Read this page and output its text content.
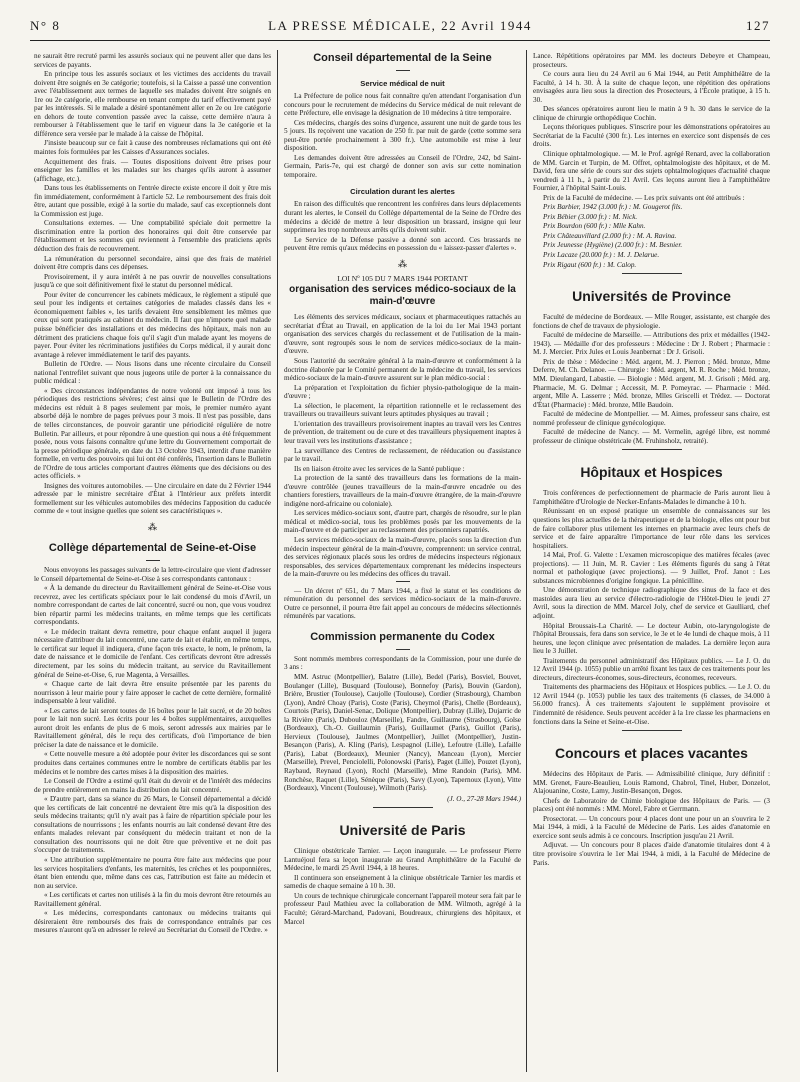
N° 8	LA PRESSE MÉDICALE, 22 Avril 1944	127

ne saurait être recruté parmi les assurés sociaux qui ne peuvent aller que dans les services de payants.

En principe tous les assurés sociaux et les victimes des accidents du travail doivent être soignés en 3e catégorie; toutefois, si la Caisse a passé une convention avec l'établissement aux termes de laquelle ses malades doivent être soignés en 1re ou 2e catégorie, elle rembourse en tenant compte du tarif effectivement payé par les intéressés. Si le malade a désiré spontanément aller en 2e ou 1re catégorie en dehors de toute convention passée avec la caisse, cette dernière n'aura à rembourser à l'établissement que le tarif en vigueur dans la 3e catégorie et la différence sera versée par le malade à la caisse de l'hôpital.

J'insiste beaucoup sur ce fait à cause des nombreuses réclamations qui ont été maintes fois formulées par les Caisses d'Assurances sociales.

Acquittement des frais. — Toutes dispositions doivent être prises pour enseigner les familles et les malades sur les charges qu'ils auront à assumer (affichage, etc.).

Dans tous les établissements on l'entrée directe existe encore il doit y être mis fin immédiatement, conformément à l'article 52. Le remboursement des frais doit être, autant que possible, exigé à la sortie du malade, sauf cas exceptionnels dont la Commission est juge.

Consultations externes. — Une comptabilité spéciale doit permettre la discrimination entre la portion des honoraires qui doit être conservée par l'établissement et les sommes qui reviennent à l'ensemble des praticiens après déduction des frais de recouvrement.

La rémunération du personnel secondaire, ainsi que des frais de matériel doivent être compris dans ces dépenses.

Provisoirement, il y aura intérêt à ne pas ouvrir de nouvelles consultations jusqu'à ce que soit définitivement fixé le statut du personnel médical.

Pour éviter de concurrencer les cabinets médicaux, le règlement a stipulé que seul pour les indigents et certaines catégories de malades classés dans les « économiquement faibles », les tarifs devaient être sensiblement les mêmes que ceux qui sont pratiqués au cabinet du médecin. Il faut que n'importe quel malade puisse bénéficier des installations et des médecins des hôpitaux, mais non au détriment des praticiens chaque fois qu'il s'agit d'un malade ayant les moyens de payer. Pour éviter les récriminations justifiées du Corps médical, il y aurait donc avantage à relever immédiatement le tarif des payants.

Bulletin de l'Ordre. — Nous lisons dans une récente circulaire du Conseil national l'entrefilet suivant que nous jugeons utile de porter à la connaissance du public médical :

« Des circonstances indépendantes de notre volonté ont imposé à tous les périodiques des restrictions sévères; c'est ainsi que le Bulletin de l'Ordre des médecins est réduit à 8 pages seulement par mois, le premier numéro ayant absorbé déjà le nombre de pages prévues pour 3 mois. Il n'est pas possible, dans de telles circonstances, de pouvoir garantir une périodicité régulière de notre Bulletin. Par ailleurs, et pour répondre à une question qui nous a été fréquemment posée, nous vous faisons connaître qu'une lettre du Gouvernement comportait de la presse périodique générale, en date du 13 Octobre 1943, interdit d'une manière formelle, en vertu des pouvoirs qui lui ont été conférés, l'insertion dans le Bulletin de l'Ordre de tous articles comportant d'autres éléments que des décisions ou des actes officiels. »

Insignes des voitures automobiles. — Une circulaire en date du 2 Février 1944 adressée par le ministre secrétaire d'État à l'Intérieur aux préfets interdit formellement sur les véhicules automobiles des médecins l'apposition du caducée comme de « tout insigne quelles que soient ses caractéristiques ».

⁂
Collège départemental de Seine-et-Oise

Nous envoyons les passages suivants de la lettre-circulaire que vient d'adresser le Conseil départemental de Seine-et-Oise à ses correspondants cantonaux :

« À la demande du directeur du Ravitaillement général de Seine-et-Oise vous recevrez, avec les certificats spéciaux pour le lait condensé du mois d'Avril, un nombre correspondant de cartes de lait concentré, sucré ou non, que vous voudrez bien répartir parmi les médecins traitants, en même temps que les certificats correspondants.

« Le médecin traitant devra remettre, pour chaque enfant auquel il jugera nécessaire d'attribuer du lait concentré, une carte de lait et établir, en même temps, le certificat sur lequel il indiquera, d'une façon très exacte, le nom, le prénom, la date de naissance et le domicile de l'enfant. Ces certificats devront être adressés directement, par les soins du médecin traitant, au service du Ravitaillement général de Seine-et-Oise, 6, rue Magenta, à Versailles.

« Chaque carte de lait devra être ensuite présentée par les parents du nourrisson à leur mairie pour y faire apposer le cachet de cette dernière, formalité indispensable à leur validité.

« Les cartes de lait seront toutes de 16 boîtes pour le lait sucré, et de 20 boîtes pour le lait non sucré. Les écrits pour les 4 boîtes supplémentaires, auxquelles auront droit les enfants de plus de 6 mois, seront adressés aux mairies par le Ravitaillement général, dès le reçu des certificats, d'où l'importance de bien préciser la date de naissance et le domicile.

« Cette nouvelle mesure a été adoptée pour éviter les discordances qui se sont produites dans certaines communes entre le nombre de certificats établis par les médecins et le nombre des cartes mises à la disposition des mairies.

Le Conseil de l'Ordre a estimé qu'il était du devoir et de l'intérêt des médecins de prendre entièrement en mains la distribution du lait concentré.

« D'autre part, dans sa séance du 26 Mars, le Conseil départemental a décidé que les certificats de lait concentré ne devraient être mis qu'à la disposition des seuls médecins traitants; qu'il n'y avait pas à faire de répartition spéciale pour les consultations de nourrissons ; les enfants nourris au lait condensé devant être des enfants malades relevant par conséquent du médecin traitant et non de la consultation des nourrissons qui ne doit être que préventive et ne doit pas s'occuper de traitements.

« Une attribution supplémentaire ne pourra être faite aux médecins que pour les services hospitaliers d'enfants, les maternités, les crèches et les pouponnières, étant bien entendu que, même dans ces cas, l'attribution est faite au médecin et non au service.

« Les certificats et cartes non utilisés à la fin du mois devront être retournés au Ravitaillement général.

« Les médecins, correspondants cantonaux ou médecins traitants qui désireraient être remboursés des frais de correspondance entraînés par ces mesures n'auront qu'à en adresser le relevé au Secrétariat du Conseil de l'Ordre. »

Conseil départemental de la Seine
Service médical de nuit

La Préfecture de police nous fait connaître qu'en attendant l'organisation d'un concours pour le recrutement de médecins du Service médical de nuit relevant de cette Préfecture, elle envisage la désignation de 10 médecins à titre temporaire.

Ces médecins, chargés des soins d'urgence, assurent une nuit de garde tous les 5 jours. Ils reçoivent une vacation de 250 fr. par nuit de garde (cette somme sera peut-être portée prochainement à 300 fr.). Une automobile est mise à leur disposition.

Les demandes doivent être adressées au Conseil de l'Ordre, 242, bd Saint-Germain, Paris-7e, qui est chargé de donner son avis sur cette nomination temporaire.

Circulation durant les alertes

En raison des difficultés que rencontrent les confrères dans leurs déplacements durant les alertes, le Conseil du Collège départemental de la Seine de l'Ordre des médecins a décidé de mettre à leur disposition un brassard, insigne qui leur supprimera les trop nombreux arrêts qu'ils doivent subir.

Le Service de la Défense passive a donné son accord. Ces brassards ne peuvent être remis qu'aux médecins en possession du « laissez-passer d'alertes ».

⁂
LOI Nº 105 DU 7 MARS 1944 PORTANT
organisation des services médico-sociaux de la main-d'œuvre

Les éléments des services médicaux, sociaux et pharmaceutiques rattachés au secrétariat d'État au Travail, en application de la loi du 1er Mai 1943 portant organisation des services chargés du reclassement et de l'utilisation de la main-d'œuvre, sont regroupés sous le nom de services médico-sociaux de la main-d'œuvre.

Sous l'autorité du secrétaire général à la main-d'œuvre et conformément à la doctrine élaborée par le Comité permanent de la médecine du travail, les services médico-sociaux de la main-d'œuvre assurent sur le plan médico-social :

La préparation et l'exploitation du fichier physio-pathologique de la main-d'œuvre ;

La sélection, le placement, la répartition rationnelle et le reclassement des travailleurs ou travailleurs suivant leurs aptitudes physiques au travail ;

L'orientation des travailleurs provisoirement inaptes au travail vers les Centres de prévention, de traitement ou de cure et des travailleurs physiquement inaptes à leur travail vers les institutions d'assistance ;

La surveillance des Centres de reclassement, de rééducation ou d'assistance par le travail.

Ils en liaison étroite avec les services de la Santé publique :

La protection de la santé des travailleurs dans les formations de la main-d'œuvre contrôlée (jeunes travailleurs de la main-d'œuvre encadrée ou des chantiers forestiers, travailleurs de la main-d'œuvre étrangère, de la main-d'œuvre indigène nord-africaine ou coloniale).

Les services médico-sociaux sont, d'autre part, chargés de résoudre, sur le plan médical et médico-social, tous les problèmes posés par les mouvements de la main-d'œuvre et de participer au reclassement des prisonniers rapatriés.

Les services médico-sociaux de la main-d'œuvre, placés sous la direction d'un médecin inspecteur général de la main-d'œuvre, comprennent: un service central, des services régionaux placés sous les ordres de médecins inspecteurs régionaux responsables, des services départementaux comprenant les médecins inspecteurs de la main-d'œuvre ou les médecins des offices du travail.

— Un décret nº 651, du 7 Mars 1944, a fixé le statut et les conditions de rémunération du personnel des services médico-sociaux de la main-d'œuvre. Outre ce personnel, il pourra être fait appel au concours de médecins sélectionnés rémunérés par vacations.

Commission permanente du Codex

Sont nommés membres correspondants de la Commission, pour une durée de 3 ans :

MM. Astruc (Montpellier), Balatre (Lille), Bedel (Paris), Bosviel, Bouvet, Boulanger (Lille), Busquard (Toulouse), Bonnefoy (Paris), Bouvin (Gardon), Brière, Brustier (Toulouse), Caujolle (Toulouse), Cordier (Strasbourg), Chambon (Lyon), André Choay (Paris), Coste (Paris), Cheymol (Paris), Chelle (Bordeaux), Courtois (Paris), Daniel-Senac, Dolique (Montpellier), Dubray (Lille), Dujarric de la Rivière (Paris), Dubouloz (Marseille), Fandre, Guillaume (Strasbourg), Golse (Bordeaux), Ch.-O. Guillaumin (Paris), Guillaumet (Paris), Guillot (Paris), Hervieux (Toulouse), Jaulmes (Montpellier), Juillet (Montpellier), Justin-Besançon (Paris), A. Kling (Paris), Lespagnol (Lille), Lefoutre (Lille), Lafaille (Paris), Labat (Bordeaux), Meunier (Nancy), Manceau (Lyon), Mercier (Marseille), Prevel, Penciolelli, Polonowski (Paris), Paget (Lille), Pouzet (Lyon), Raybaud, Reynaud (Lyon), Rochl (Marseille), Mme Randoin (Paris), MM. Ronchèse, Raquet (Lille), Sénèque (Paris), Savy (Lyon), Tapernoux (Lyon), Vitte (Bordeaux), Vincent (Toulouse), Wilmoth (Paris).

(J. O., 27-28 Mars 1944.)
Université de Paris

Clinique obstétricale Tarnier. — Leçon inaugurale. — Le professeur Pierre Lantuéjoul fera sa leçon inaugurale au Grand Amphithéâtre de la Faculté de Médecine, le mardi 25 Avril 1944, à 18 heures.

Il continuera son enseignement à la clinique obstétricale Tarnier les mardis et samedis de chaque semaine à 10 h. 30.

Un cours de technique chirurgicale concernant l'appareil moteur sera fait par le professeur Paul Mathieu avec la collaboration de MM. Wilmoth, agrégé à la Faculté; Gérard-Marchand, Padovani, Boudreaux, chirurgiens des hôpitaux, et Marcel

Lance. Répétitions opératoires par MM. les docteurs Debeyre et Champeau, prosecteurs.

Ce cours aura lieu du 24 Avril au 6 Mai 1944, au Petit Amphithéâtre de la Faculté, à 14 h. 30. À la suite de chaque leçon, une répétition des opérations envisagées aura lieu sous la direction des Prosecteurs, à l'École pratique, à 15 h. 30.

Des séances opératoires auront lieu le matin à 9 h. 30 dans le service de la clinique de chirurgie orthopédique Cochin.

Leçons théoriques publiques. S'inscrire pour les démonstrations opératoires au Secrétariat de la Faculté (300 fr.). Les internes en exercice sont dispensés de ces droits.

Clinique ophtalmologique. — M. le Prof. agrégé Renard, avec la collaboration de MM. Garcin et Turpin, de M. Offret, ophtalmologiste des hôpitaux, et de M. David, fera une série de cours sur des sujets ophtalmologiques d'actualité chaque vendredi à 11 h., à partir du 21 Avril. Ces leçons auront lieu à l'amphithéâtre Fournier, à l'hôpital Saint-Louis.

Prix de la Faculté de médecine. — Les prix suivants ont été attribués :

Prix Barbier, 1942 (3.000 fr.) : M. Gougerot fils.

Prix Bébier (3.000 fr.) : M. Nick.

Prix Bourdon (600 fr.) : Mlle Kahn.

Prix Châteauvillard (2.000 fr.) : M. A. Ravina.

Prix Jeunesse (Hygiène) (2.000 fr.) : M. Besnier.

Prix Lacaze (20.000 fr.) : M. J. Delarue.

Prix Rigaut (600 fr.) : M. Calop.

Universités de Province

Faculté de médecine de Bordeaux. — Mlle Rouger, assistante, est chargée des fonctions de chef de travaux de physiologie.

Faculté de médecine de Marseille. — Attributions des prix et médailles (1942-1943). — Médaille d'or des professeurs : Médecine : Dr J. Robert ; Pharmacie : M. J. Mercier. Prix Jules et Louis Jeanbernat : Dr J. Grisoli.

Prix de thèse : Médecine : Méd. argent, M. J. Pierron ; Méd. bronze, Mme Deferre, M. Ch. Delanoe. — Chirurgie : Méd. argent, M. R. Roche ; Méd. bronze, MM. Dieulangard, Labastie. — Biologie : Méd. argent, M. J. Grisoli ; Méd. arg. Pharmacie, M. G. Delmar ; Accessit, M. P. Pomeyrac. — Pharmacie : Méd. argent, Mlle A. Lasserre ; Méd. bronze, Mlles Griscelli et Trédez. — Doctorat d'État (Pharmacie) : Méd. bronze, Mlle Baudoin.

Faculté de médecine de Montpellier. — M. Aimes, professeur sans chaire, est nommé professeur de clinique gynécologique.

Faculté de médecine de Nancy. — M. Vermelin, agrégé libre, est nommé professeur de clinique obstétricale (M. Fruhinsholz, retraité).

Hôpitaux et Hospices

Trois conférences de perfectionnement de pharmacie de Paris auront lieu à l'amphithéâtre d'Urologie de Necker-Enfants-Malades le dimanche à 10 h.

Réunissant en un exposé pratique un ensemble de connaissances sur les questions les plus actuelles de la thérapeutique et de la biologie, elles ont pour but de faire collaborer plus utilement les internes en pharmacie avec leurs chefs de service et de faire apparaître l'importance de leur rôle dans les services hospitaliers.

14 Mai, Prof. G. Valette : L'examen microscopique des matières fécales (avec projections). — 11 Juin, M. R. Cavier : Les éléments figurés du sang à l'état normal et pathologique (avec projections). — 9 Juillet, Prof. Janot : Les substances microbiennes d'origine fongique. La pénicilline.

Une démonstration de technique radiographique des sinus de la face et des mastoïdes aura lieu au service d'électro-radiologie de l'Hôtel-Dieu le jeudi 27 Avril, sous la direction de MM. Marcel Joly, chef de service et Gaulliard, chef adjoint.

Hôpital Broussais-La Charité. — Le docteur Aubin, oto-laryngologiste de l'hôpital Broussais, fera dans son service, le 3e et le 4e lundi de chaque mois, à 11 heures, une leçon clinique avec présentation de malades. La dernière leçon aura lieu le 3 Juillet.

Traitements du personnel administratif des Hôpitaux publics. — Le J. O. du 12 Avril 1944 (p. 1055) publie un arrêté fixant les taux de ces traitements pour les directeurs, directeurs-économes, sous-directeurs, économes, receveurs.

Traitements des pharmaciens des Hôpitaux et Hospices publics. — Le J. O. du 12 Avril 1944 (p. 1053) publie les taux des traitements (6 classes, de 34.000 à 56.000 francs). À ces traitements s'ajoutent le supplément provisoire et l'indemnité de résidence. Seuls peuvent accéder à la 1re classe les pharmaciens en fonctions dans la Seine et Seine-et-Oise.

Concours et places vacantes

Médecins des Hôpitaux de Paris. — Admissibilité clinique, Jury définitif : MM. Grenet, Faure-Beaulieu, Louis Ramond, Chabrol, Tinel, Huber, Donzelot, Alajouanine, Coste, Lamy, Justin-Besançon, Degos.

Chefs de Laboratoire de Chimie biologique des Hôpitaux de Paris. — (3 places) ont été nommés : MM. Morel, Fabre et Gerrmann.

Prosectorat. — Un concours pour 4 places dont une pour un an s'ouvrira le 2 Mai 1944, à midi, à la Faculté de Médecine de Paris. Les aides d'anatomie en exercice sont seuls admis à ce concours. Inscription jusqu'au 21 Avril.

Adjuvat. — Un concours pour 8 places d'aide d'anatomie titulaires dont 4 à titre provisoire s'ouvrira le 1er Mai 1944, à midi, à la Faculté de Médecine de Paris.
